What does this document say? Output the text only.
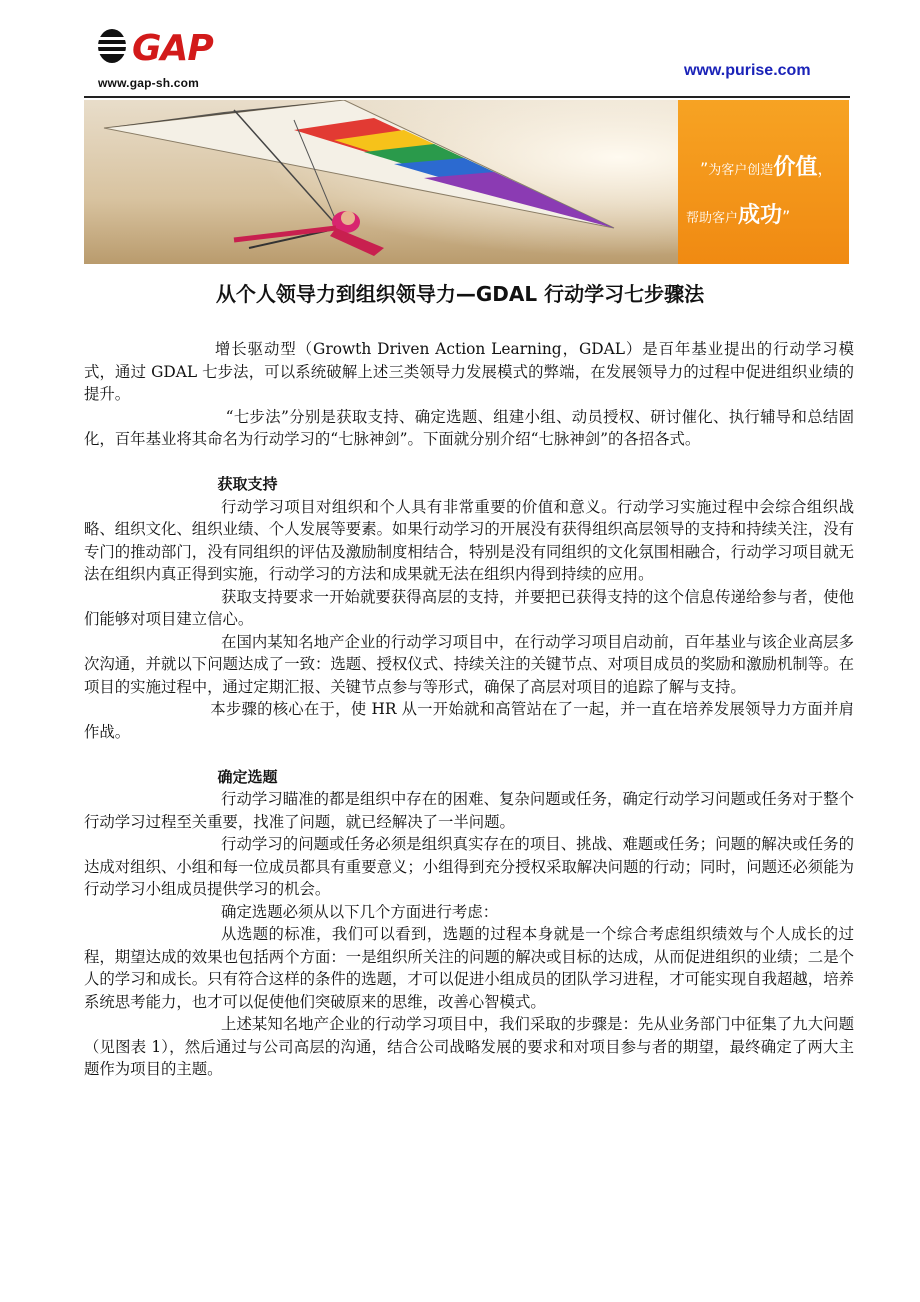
GAP
www.gap-sh.com
www.purise.com
”为客户创造价值，
帮助客户成功”
从个人领导力到组织领导力—GDAL 行动学习七步骤法

增长驱动型（Growth Driven Action Learning，GDAL）是百年基业提出的行动学习模式，通过 GDAL 七步法，可以系统破解上述三类领导力发展模式的弊端，在发展领导力的过程中促进组织业绩的提升。

“七步法”分别是获取支持、确定选题、组建小组、动员授权、研讨催化、执行辅导和总结固化，百年基业将其命名为行动学习的“七脉神剑”。下面就分别介绍“七脉神剑”的各招各式。

获取支持

行动学习项目对组织和个人具有非常重要的价值和意义。行动学习实施过程中会综合组织战略、组织文化、组织业绩、个人发展等要素。如果行动学习的开展没有获得组织高层领导的支持和持续关注，没有专门的推动部门，没有同组织的评估及激励制度相结合，特别是没有同组织的文化氛围相融合，行动学习项目就无法在组织内真正得到实施，行动学习的方法和成果就无法在组织内得到持续的应用。

获取支持要求一开始就要获得高层的支持，并要把已获得支持的这个信息传递给参与者，使他们能够对项目建立信心。

在国内某知名地产企业的行动学习项目中，在行动学习项目启动前，百年基业与该企业高层多次沟通，并就以下问题达成了一致：选题、授权仪式、持续关注的关键节点、对项目成员的奖励和激励机制等。在项目的实施过程中，通过定期汇报、关键节点参与等形式，确保了高层对项目的追踪了解与支持。

本步骤的核心在于，使 HR 从一开始就和高管站在了一起，并一直在培养发展领导力方面并肩作战。

确定选题

行动学习瞄准的都是组织中存在的困难、复杂问题或任务，确定行动学习问题或任务对于整个行动学习过程至关重要，找准了问题，就已经解决了一半问题。

行动学习的问题或任务必须是组织真实存在的项目、挑战、难题或任务；问题的解决或任务的达成对组织、小组和每一位成员都具有重要意义；小组得到充分授权采取解决问题的行动；同时，问题还必须能为行动学习小组成员提供学习的机会。

确定选题必须从以下几个方面进行考虑：

从选题的标准，我们可以看到，选题的过程本身就是一个综合考虑组织绩效与个人成长的过程，期望达成的效果也包括两个方面：一是组织所关注的问题的解决或目标的达成，从而促进组织的业绩；二是个人的学习和成长。只有符合这样的条件的选题，才可以促进小组成员的团队学习进程，才可能实现自我超越，培养系统思考能力，也才可以促使他们突破原来的思维，改善心智模式。

上述某知名地产企业的行动学习项目中，我们采取的步骤是：先从业务部门中征集了九大问题（见图表 1），然后通过与公司高层的沟通，结合公司战略发展的要求和对项目参与者的期望，最终确定了两大主题作为项目的主题。
